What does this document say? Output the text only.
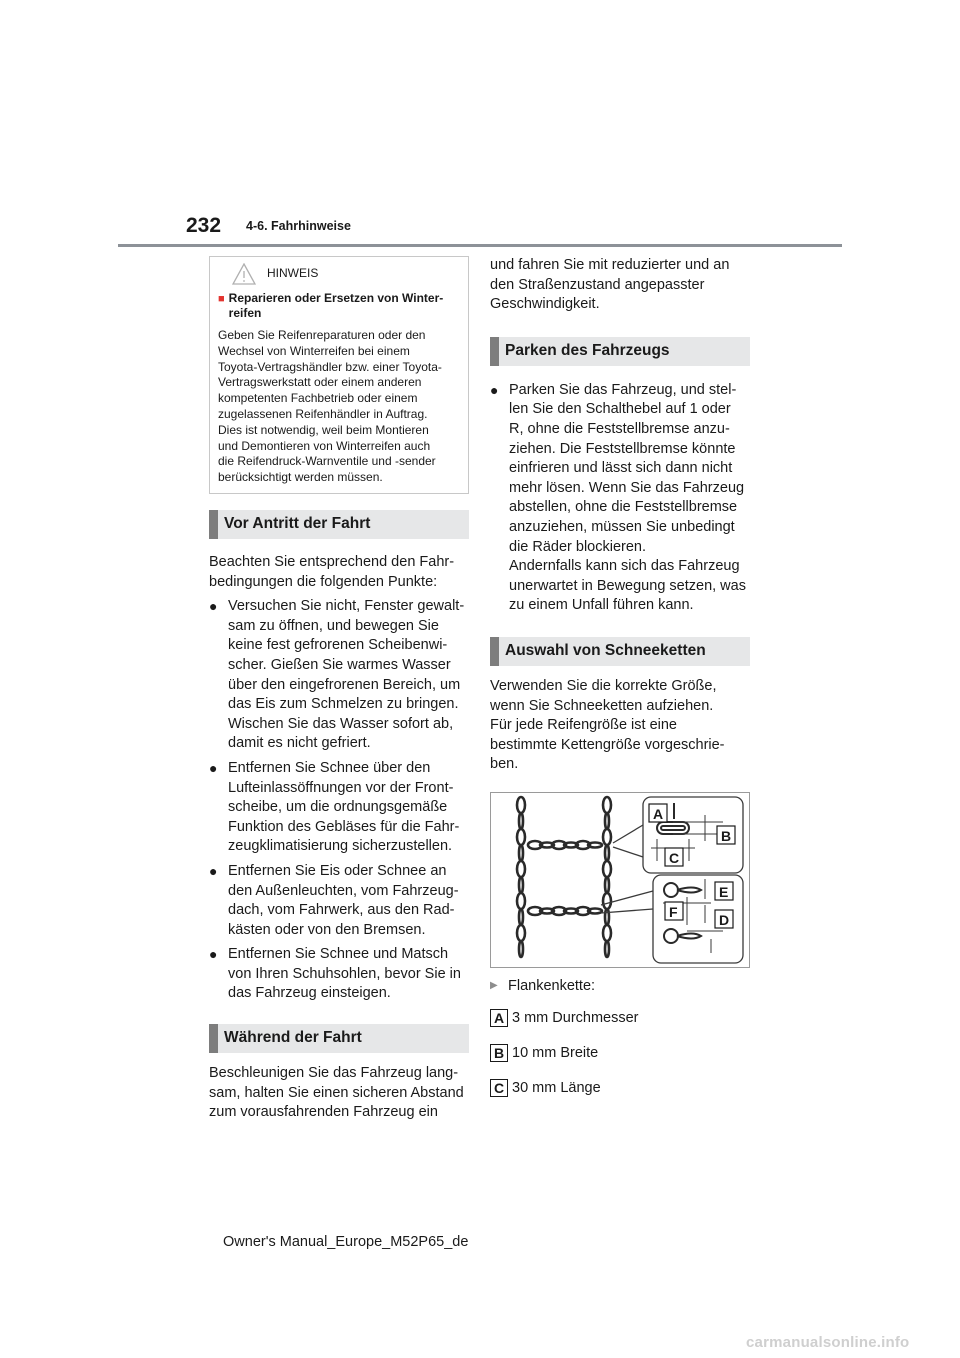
232 4-6. Fahrhinweise
HINWEIS
■ Reparieren oder Ersetzen von Winter-reifen
Geben Sie Reifenreparaturen oder den
Wechsel von Winterreifen bei einem
Toyota-Vertragshändler bzw. einer Toyota-
Vertragswerkstatt oder einem anderen
kompetenten Fachbetrieb oder einem
zugelassenen Reifenhändler in Auftrag.
Dies ist notwendig, weil beim Montieren
und Demontieren von Winterreifen auch
die Reifendruck-Warnventile und -sender
berücksichtigt werden müssen.
Vor Antritt der Fahrt
Beachten Sie entsprechend den Fahr-
bedingungen die folgenden Punkte:
● Versuchen Sie nicht, Fenster gewalt-
sam zu öffnen, und bewegen Sie
keine fest gefrorenen Scheibenwi-
scher. Gießen Sie warmes Wasser
über den eingefrorenen Bereich, um
das Eis zum Schmelzen zu bringen.
Wischen Sie das Wasser sofort ab,
damit es nicht gefriert.
● Entfernen Sie Schnee über den
Lufteinlassöffnungen vor der Front-
scheibe, um die ordnungsgemäße
Funktion des Gebläses für die Fahr-
zeugklimatisierung sicherzustellen.
● Entfernen Sie Eis oder Schnee an
den Außenleuchten, vom Fahrzeug-
dach, vom Fahrwerk, aus den Rad-
kästen oder von den Bremsen.
● Entfernen Sie Schnee und Matsch
von Ihren Schuhsohlen, bevor Sie in
das Fahrzeug einsteigen.
Während der Fahrt
Beschleunigen Sie das Fahrzeug lang-
sam, halten Sie einen sicheren Abstand
zum vorausfahrenden Fahrzeug ein
und fahren Sie mit reduzierter und an
den Straßenzustand angepasster
Geschwindigkeit.
Parken des Fahrzeugs
● Parken Sie das Fahrzeug, und stel-
len Sie den Schalthebel auf 1 oder
R, ohne die Feststellbremse anzu-
ziehen. Die Feststellbremse könnte
einfrieren und lässt sich dann nicht
mehr lösen. Wenn Sie das Fahrzeug
abstellen, ohne die Feststellbremse
anzuziehen, müssen Sie unbedingt
die Räder blockieren.
Andernfalls kann sich das Fahrzeug
unerwartet in Bewegung setzen, was
zu einem Unfall führen kann.
Auswahl von Schneeketten
Verwenden Sie die korrekte Größe,
wenn Sie Schneeketten aufziehen.
Für jede Reifengröße ist eine
bestimmte Kettengröße vorgeschrie-
ben.
A
B
C
E
F	D
▶ Flankenkette:
A 3 mm Durchmesser
B 10 mm Breite
C 30 mm Länge
Owner's Manual_Europe_M52P65_de
carmanualsonline.info
